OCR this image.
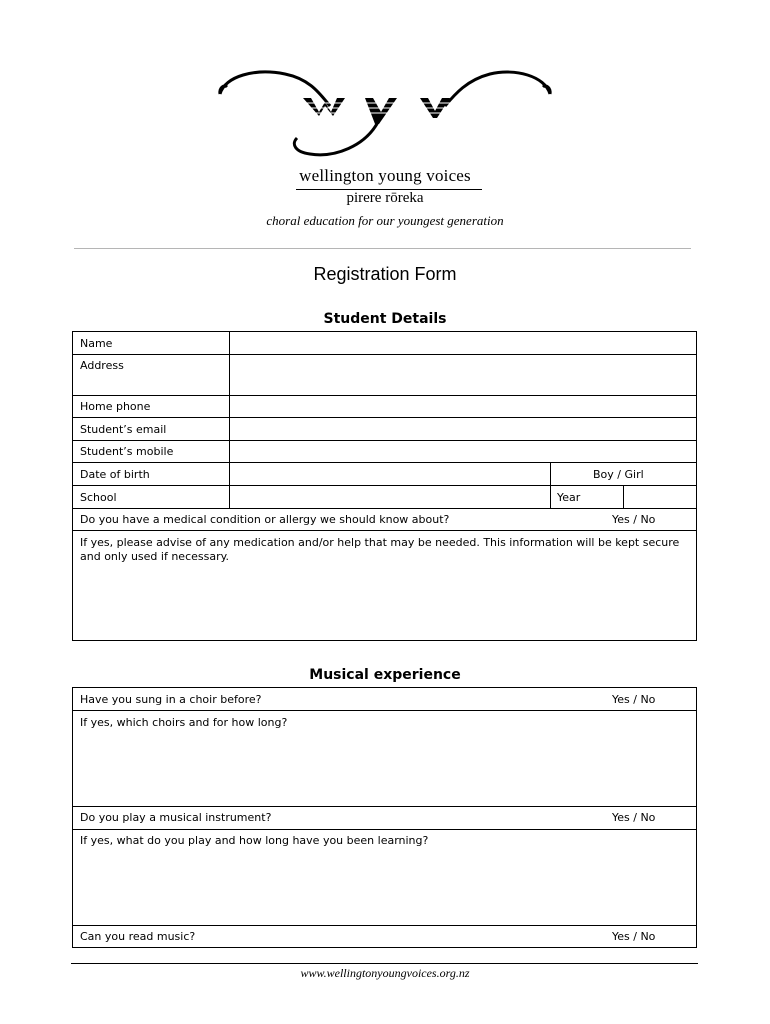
wellington young voices
pirere rōreka
choral education for our youngest generation
Registration Form
Student Details
Name
Address
Home phone
Student’s email
Student’s mobile
Date of birth	Boy / Girl
School	Year
Do you have a medical condition or allergy we should know about?	Yes / No
If yes, please advise of any medication and/or help that may be needed. This information will be kept secure and only used if necessary.
Musical experience
Have you sung in a choir before?	Yes / No
If yes, which choirs and for how long?
Do you play a musical instrument?	Yes / No
If yes, what do you play and how long have you been learning?
Can you read music?	Yes / No
www.wellingtonyoungvoices.org.nz
